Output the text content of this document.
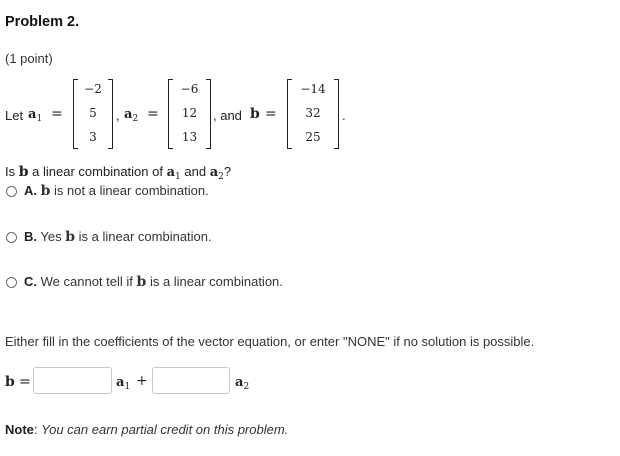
Problem 2.
(1 point)
Let $a_1$ =
−2
5
3
, $a_2$ =
−6
12
13
, and b =
−14
32
25
.
Is b a linear combination of $a_1$ and $a_2$?
A. b is not a linear combination.
B. Yes b is a linear combination.
C. We cannot tell if b is a linear combination.
Either fill in the coefficients of the vector equation, or enter "NONE" if no solution is possible.
b =	$a_1$ +	$a_2$
Note: You can earn partial credit on this problem.
